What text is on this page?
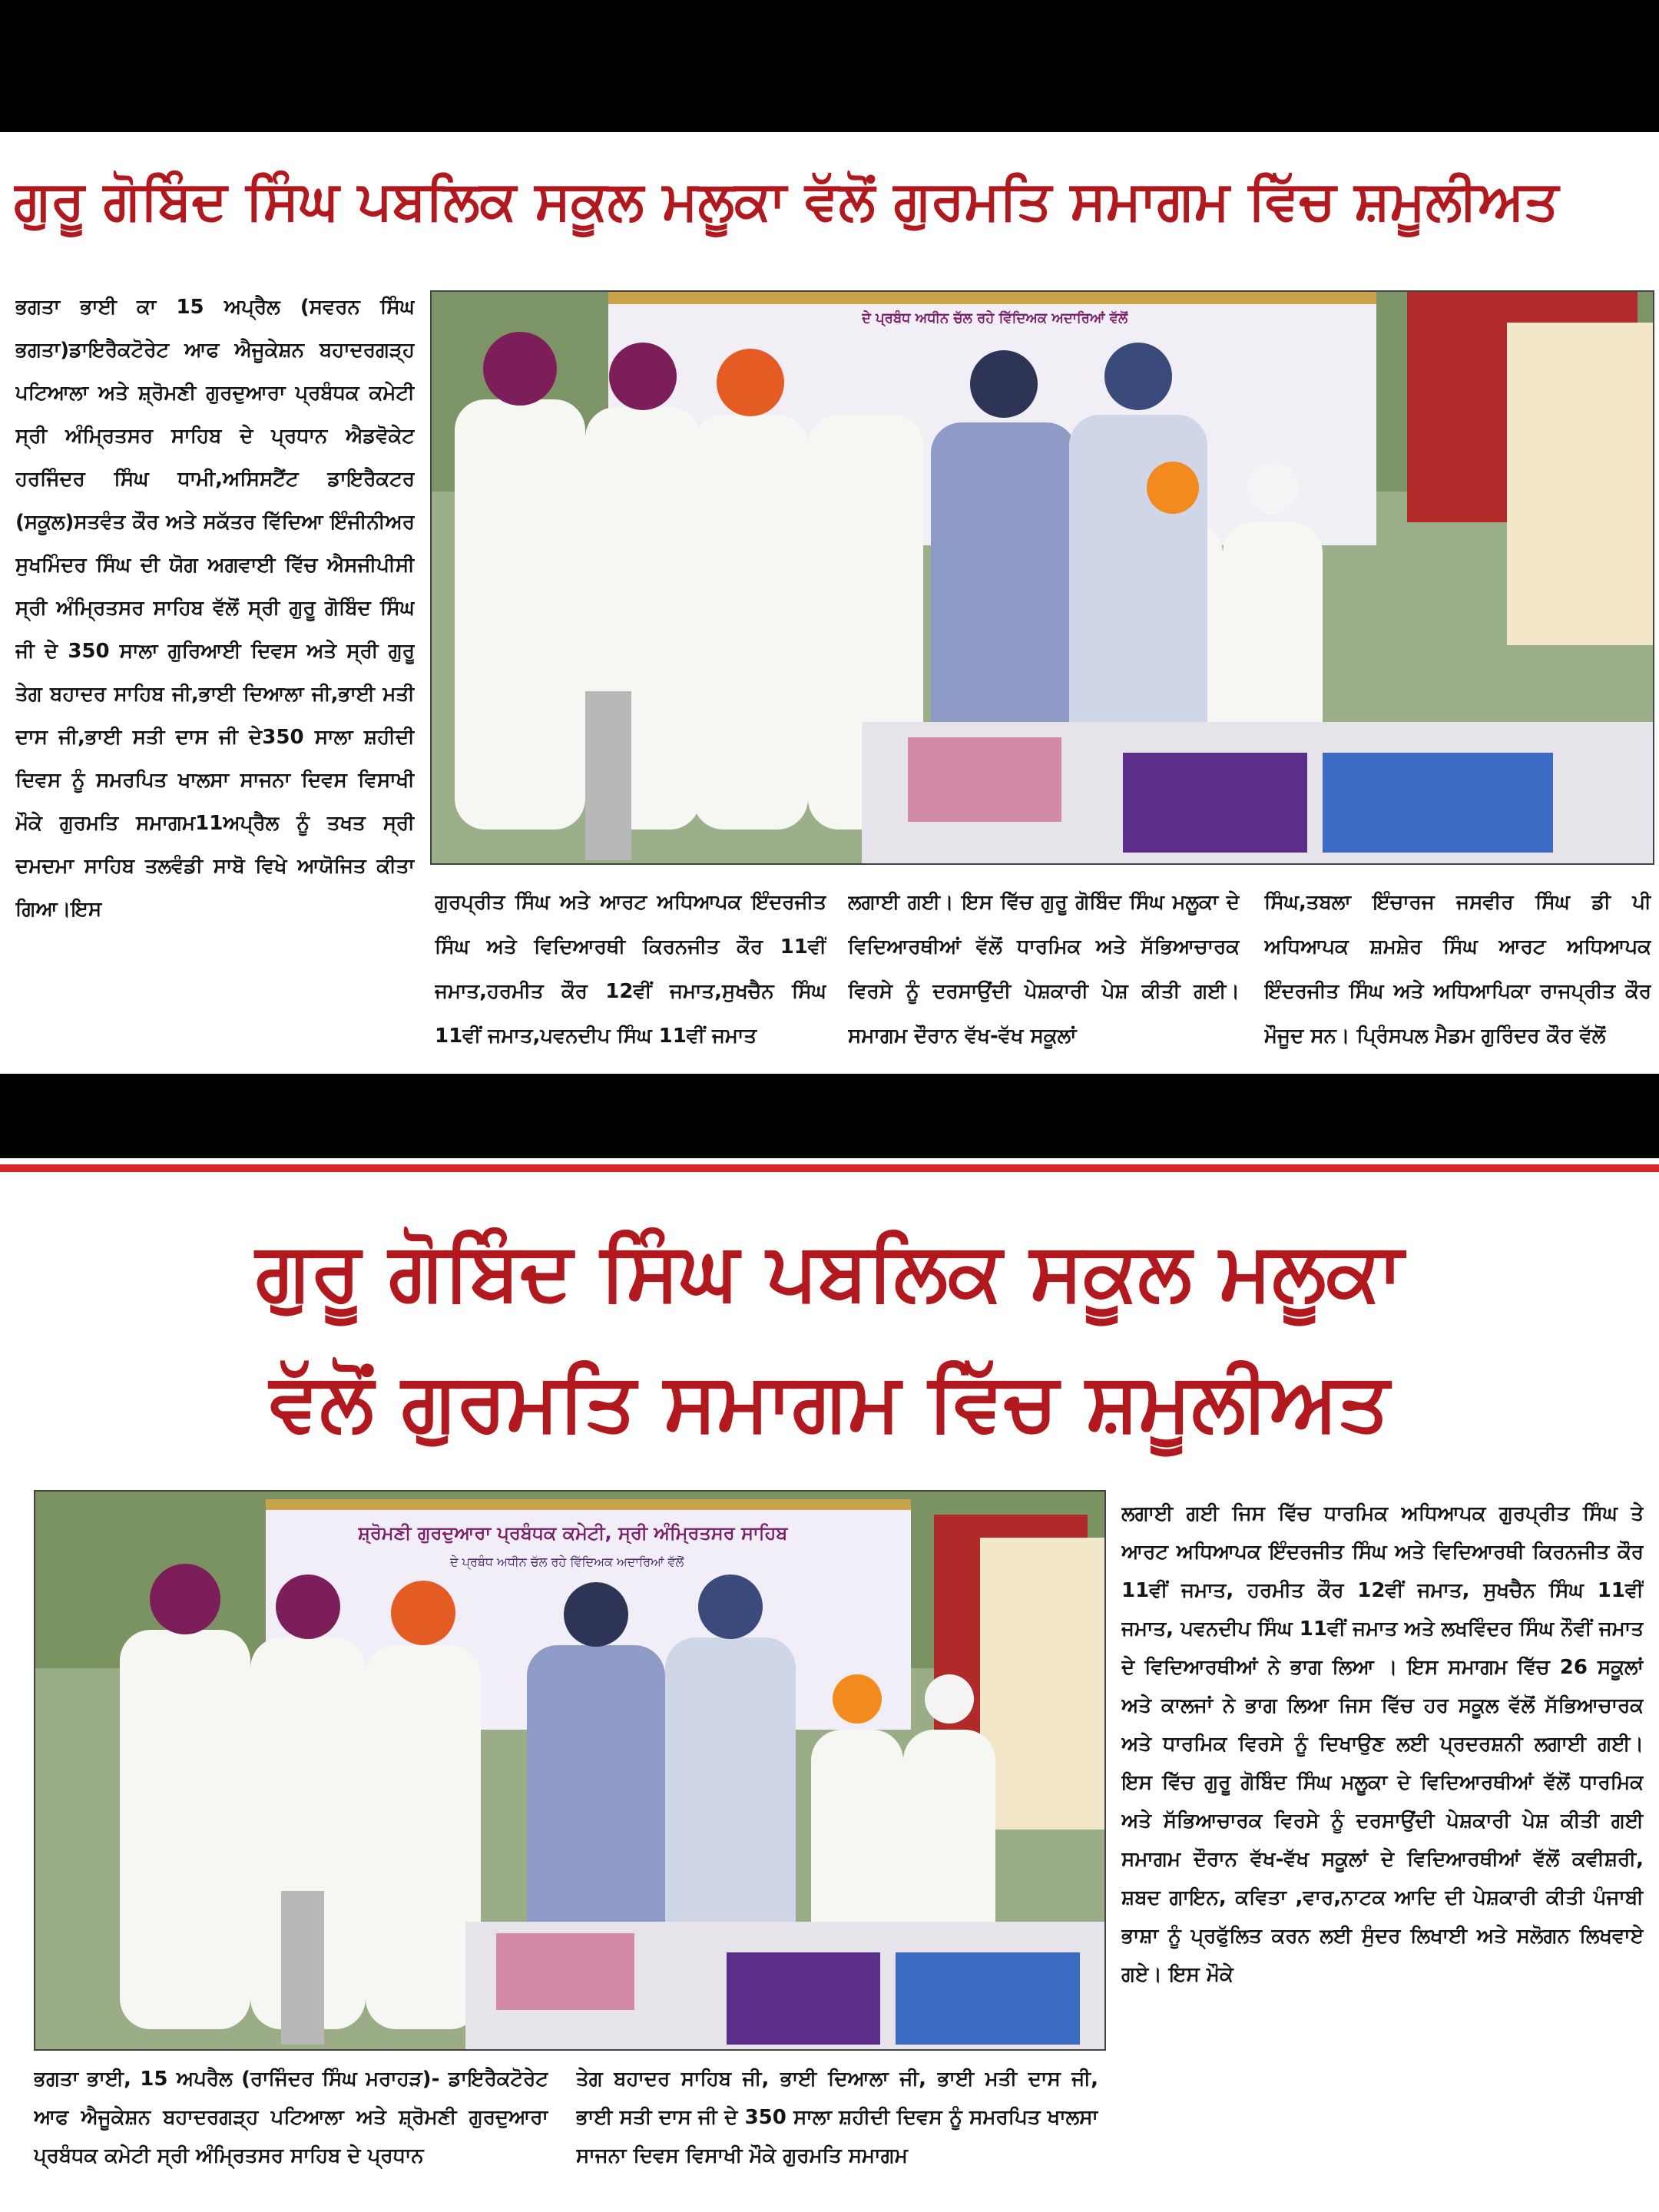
ਗੁਰੂ ਗੋਬਿੰਦ ਸਿੰਘ ਪਬਲਿਕ ਸਕੂਲ ਮਲੂਕਾ ਵੱਲੋਂ ਗੁਰਮਤਿ ਸਮਾਗਮ ਵਿੱਚ ਸ਼ਮੂਲੀਅਤ

ਭਗਤਾ ਭਾਈ ਕਾ 15 ਅਪ੍ਰੈਲ (ਸਵਰਨ ਸਿੰਘ ਭਗਤਾ)ਡਾਇਰੈਕਟੋਰੇਟ ਆਫ ਐਜੂਕੇਸ਼ਨ ਬਹਾਦਰਗੜ੍ਹ ਪਟਿਆਲਾ ਅਤੇ ਸ਼੍ਰੋਮਣੀ ਗੁਰਦੁਆਰਾ ਪ੍ਰਬੰਧਕ ਕਮੇਟੀ ਸ੍ਰੀ ਅੰਮ੍ਰਿਤਸਰ ਸਾਹਿਬ ਦੇ ਪ੍ਰਧਾਨ ਐਡਵੋਕੇਟ ਹਰਜਿੰਦਰ ਸਿੰਘ ਧਾਮੀ,ਅਸਿਸਟੈਂਟ ਡਾਇਰੈਕਟਰ (ਸਕੂਲ)ਸਤਵੰਤ ਕੌਰ ਅਤੇ ਸਕੱਤਰ ਵਿੱਦਿਆ ਇੰਜੀਨੀਅਰ ਸੁਖਮਿੰਦਰ ਸਿੰਘ ਦੀ ਯੋਗ ਅਗਵਾਈ ਵਿੱਚ ਐਸਜੀਪੀਸੀ ਸ੍ਰੀ ਅੰਮ੍ਰਿਤਸਰ ਸਾਹਿਬ ਵੱਲੋਂ ਸ੍ਰੀ ਗੁਰੂ ਗੋਬਿੰਦ ਸਿੰਘ ਜੀ ਦੇ 350 ਸਾਲਾ ਗੁਰਿਆਈ ਦਿਵਸ ਅਤੇ ਸ੍ਰੀ ਗੁਰੂ ਤੇਗ ਬਹਾਦਰ ਸਾਹਿਬ ਜੀ,ਭਾਈ ਦਿਆਲਾ ਜੀ,ਭਾਈ ਮਤੀ ਦਾਸ ਜੀ,ਭਾਈ ਸਤੀ ਦਾਸ ਜੀ ਦੇ350 ਸਾਲਾ ਸ਼ਹੀਦੀ ਦਿਵਸ ਨੂੰ ਸਮਰਪਿਤ ਖਾਲਸਾ ਸਾਜਨਾ ਦਿਵਸ ਵਿਸਾਖੀ ਮੌਕੇ ਗੁਰਮਤਿ ਸਮਾਗਮ11ਅਪ੍ਰੈਲ ਨੂੰ ਤਖਤ ਸ੍ਰੀ ਦਮਦਮਾ ਸਾਹਿਬ ਤਲਵੰਡੀ ਸਾਬੋ ਵਿਖੇ ਆਯੋਜਿਤ ਕੀਤਾ ਗਿਆ।ਇਸ

ਦੇ ਪ੍ਰਬੰਧ ਅਧੀਨ ਚੱਲ ਰਹੇ ਵਿੱਦਿਅਕ ਅਦਾਰਿਆਂ ਵੱਲੋਂ

ਗੁਰਪ੍ਰੀਤ ਸਿੰਘ ਅਤੇ ਆਰਟ ਅਧਿਆਪਕ ਇੰਦਰਜੀਤ ਸਿੰਘ ਅਤੇ ਵਿਦਿਆਰਥੀ ਕਿਰਨਜੀਤ ਕੌਰ 11ਵੀਂ ਜਮਾਤ,ਹਰਮੀਤ ਕੌਰ 12ਵੀਂ ਜਮਾਤ,ਸੁਖਚੈਨ ਸਿੰਘ 11ਵੀਂ ਜਮਾਤ,ਪਵਨਦੀਪ ਸਿੰਘ 11ਵੀਂ ਜਮਾਤ

ਲਗਾਈ ਗਈ। ਇਸ ਵਿੱਚ ਗੁਰੂ ਗੋਬਿੰਦ ਸਿੰਘ ਮਲੂਕਾ ਦੇ ਵਿਦਿਆਰਥੀਆਂ ਵੱਲੋਂ ਧਾਰਮਿਕ ਅਤੇ ਸੱਭਿਆਚਾਰਕ ਵਿਰਸੇ ਨੂੰ ਦਰਸਾਉਂਦੀ ਪੇਸ਼ਕਾਰੀ ਪੇਸ਼ ਕੀਤੀ ਗਈ।ਸਮਾਗਮ ਦੌਰਾਨ ਵੱਖ-ਵੱਖ ਸਕੂਲਾਂ

ਸਿੰਘ,ਤਬਲਾ ਇੰਚਾਰਜ ਜਸਵੀਰ ਸਿੰਘ ਡੀ ਪੀ ਅਧਿਆਪਕ ਸ਼ਮਸ਼ੇਰ ਸਿੰਘ ਆਰਟ ਅਧਿਆਪਕ ਇੰਦਰਜੀਤ ਸਿੰਘ ਅਤੇ ਅਧਿਆਪਿਕਾ ਰਾਜਪ੍ਰੀਤ ਕੌਰ ਮੌਜੂਦ ਸਨ। ਪ੍ਰਿੰਸਪਲ ਮੈਡਮ ਗੁਰਿੰਦਰ ਕੌਰ ਵੱਲੋਂ

ਗੁਰੂ ਗੋਬਿੰਦ ਸਿੰਘ ਪਬਲਿਕ ਸਕੂਲ ਮਲੂਕਾ
ਵੱਲੋਂ ਗੁਰਮਤਿ ਸਮਾਗਮ ਵਿੱਚ ਸ਼ਮੂਲੀਅਤ
ਸ਼੍ਰੋਮਣੀ ਗੁਰਦੁਆਰਾ ਪ੍ਰਬੰਧਕ ਕਮੇਟੀ, ਸ੍ਰੀ ਅੰਮ੍ਰਿਤਸਰ ਸਾਹਿਬ
ਦੇ ਪ੍ਰਬੰਧ ਅਧੀਨ ਚੱਲ ਰਹੇ ਵਿੱਦਿਅਕ ਅਦਾਰਿਆਂ ਵੱਲੋਂ

ਲਗਾਈ ਗਈ ਜਿਸ ਵਿੱਚ ਧਾਰਮਿਕ ਅਧਿਆਪਕ ਗੁਰਪ੍ਰੀਤ ਸਿੰਘ ਤੇ ਆਰਟ ਅਧਿਆਪਕ ਇੰਦਰਜੀਤ ਸਿੰਘ ਅਤੇ ਵਿਦਿਆਰਥੀ ਕਿਰਨਜੀਤ ਕੌਰ 11ਵੀਂ ਜਮਾਤ, ਹਰਮੀਤ ਕੌਰ 12ਵੀਂ ਜਮਾਤ, ਸੁਖਚੈਨ ਸਿੰਘ 11ਵੀਂ ਜਮਾਤ, ਪਵਨਦੀਪ ਸਿੰਘ 11ਵੀਂ ਜਮਾਤ ਅਤੇ ਲਖਵਿੰਦਰ ਸਿੰਘ ਨੌਵੀਂ ਜਮਾਤ ਦੇ ਵਿਦਿਆਰਥੀਆਂ ਨੇ ਭਾਗ ਲਿਆ । ਇਸ ਸਮਾਗਮ ਵਿੱਚ 26 ਸਕੂਲਾਂ ਅਤੇ ਕਾਲਜਾਂ ਨੇ ਭਾਗ ਲਿਆ ਜਿਸ ਵਿੱਚ ਹਰ ਸਕੂਲ ਵੱਲੋਂ ਸੱਭਿਆਚਾਰਕ ਅਤੇ ਧਾਰਮਿਕ ਵਿਰਸੇ ਨੂੰ ਦਿਖਾਉਣ ਲਈ ਪ੍ਰਦਰਸ਼ਨੀ ਲਗਾਈ ਗਈ। ਇਸ ਵਿੱਚ ਗੁਰੂ ਗੋਬਿੰਦ ਸਿੰਘ ਮਲੂਕਾ ਦੇ ਵਿਦਿਆਰਥੀਆਂ ਵੱਲੋਂ ਧਾਰਮਿਕ ਅਤੇ ਸੱਭਿਆਚਾਰਕ ਵਿਰਸੇ ਨੂੰ ਦਰਸਾਉਂਦੀ ਪੇਸ਼ਕਾਰੀ ਪੇਸ਼ ਕੀਤੀ ਗਈ ਸਮਾਗਮ ਦੌਰਾਨ ਵੱਖ-ਵੱਖ ਸਕੂਲਾਂ ਦੇ ਵਿਦਿਆਰਥੀਆਂ ਵੱਲੋਂ ਕਵੀਸ਼ਰੀ, ਸ਼ਬਦ ਗਾਇਨ, ਕਵਿਤਾ ,ਵਾਰ,ਨਾਟਕ ਆਦਿ ਦੀ ਪੇਸ਼ਕਾਰੀ ਕੀਤੀ ਪੰਜਾਬੀ ਭਾਸ਼ਾ ਨੂੰ ਪ੍ਰਫੁੱਲਿਤ ਕਰਨ ਲਈ ਸੁੰਦਰ ਲਿਖਾਈ ਅਤੇ ਸਲੋਗਨ ਲਿਖਵਾਏ ਗਏ। ਇਸ ਮੌਕੇ

ਭਗਤਾ ਭਾਈ, 15 ਅਪਰੈਲ (ਰਾਜਿੰਦਰ ਸਿੰਘ ਮਰਾਹੜ)- ਡਾਇਰੈਕਟੋਰੇਟ ਆਫ ਐਜੂਕੇਸ਼ਨ ਬਹਾਦਰਗੜ੍ਹ ਪਟਿਆਲਾ ਅਤੇ ਸ਼੍ਰੋਮਣੀ ਗੁਰਦੁਆਰਾ ਪ੍ਰਬੰਧਕ ਕਮੇਟੀ ਸ੍ਰੀ ਅੰਮ੍ਰਿਤਸਰ ਸਾਹਿਬ ਦੇ ਪ੍ਰਧਾਨ

ਤੇਗ ਬਹਾਦਰ ਸਾਹਿਬ ਜੀ, ਭਾਈ ਦਿਆਲਾ ਜੀ, ਭਾਈ ਮਤੀ ਦਾਸ ਜੀ, ਭਾਈ ਸਤੀ ਦਾਸ ਜੀ ਦੇ 350 ਸਾਲਾ ਸ਼ਹੀਦੀ ਦਿਵਸ ਨੂੰ ਸਮਰਪਿਤ ਖਾਲਸਾ ਸਾਜਨਾ ਦਿਵਸ ਵਿਸਾਖੀ ਮੌਕੇ ਗੁਰਮਤਿ ਸਮਾਗਮ
